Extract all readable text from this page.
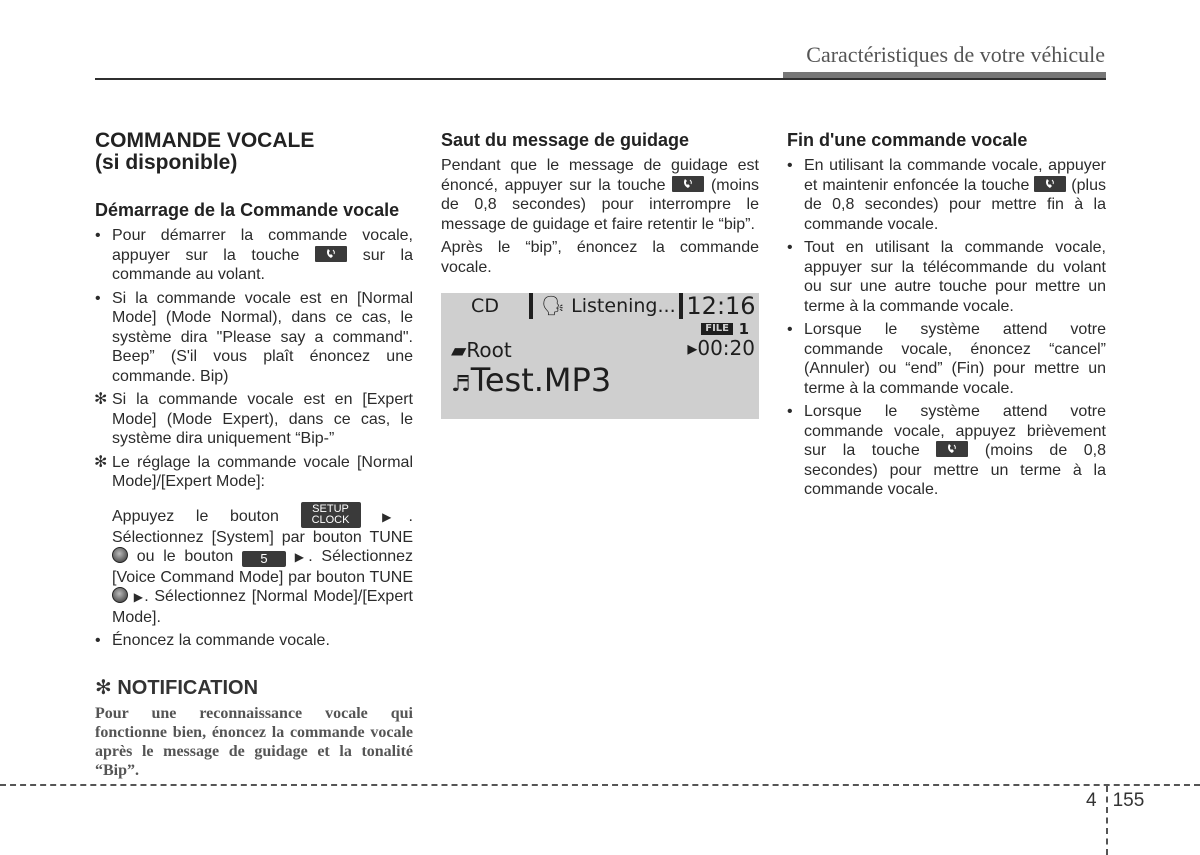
Caractéristiques de votre véhicule

COMMANDE VOCALE
(si disponible)

Démarrage de la Commande vocale

• Pour démarrer la commande vocale, appuyer sur la touche	sur la commande au volant.
• Si la commande vocale est en [Normal Mode] (Mode Normal), dans ce cas, le système dira "Please say a command". Beep” (S'il vous plaît énoncez une commande. Bip)
✻ Si la commande vocale est en [Expert Mode] (Mode Expert), dans ce cas, le système dira uniquement “Bip-”
✻ Le réglage la commande vocale [Normal Mode]/[Expert Mode]:
Appuyez le bouton	SETUP
CLOCK	▶. Sélectionnez [System] par bouton TUNE  ou le bouton 5 ▶. Sélectionnez [Voice Command Mode] par bouton TUNE  ▶. Sélectionnez [Normal Mode]/[Expert Mode].
• Énoncez la commande vocale.
✻ NOTIFICATION

Pour une reconnaissance vocale qui fonctionne bien, énoncez la commande vocale après le message de guidage et la tonalité “Bip”.

Saut du message de guidage

Pendant que le message de guidage est énoncé, appuyer sur la touche	(moins de 0,8 secondes) pour interrompre le message de guidage et faire retentir le “bip”.

Après le “bip”, énoncez la commande vocale.

CD	🗣 Listening... 12:16
FILE 1
▰Root	▸00:20
♬Test.MP3

Fin d'une commande vocale

• En utilisant la commande vocale, appuyer et maintenir enfoncée la touche	(plus de 0,8 secondes) pour mettre fin à la commande vocale.
• Tout en utilisant la commande vocale, appuyer sur la télécommande du volant ou sur une autre touche pour mettre un terme à la commande vocale.
• Lorsque le système attend votre commande vocale, énoncez “cancel” (Annuler) ou “end” (Fin) pour mettre un terme à la commande vocale.
• Lorsque le système attend votre commande vocale, appuyez brièvement sur la touche	(moins de 0,8 secondes) pour mettre un terme à la commande vocale.
4 155
